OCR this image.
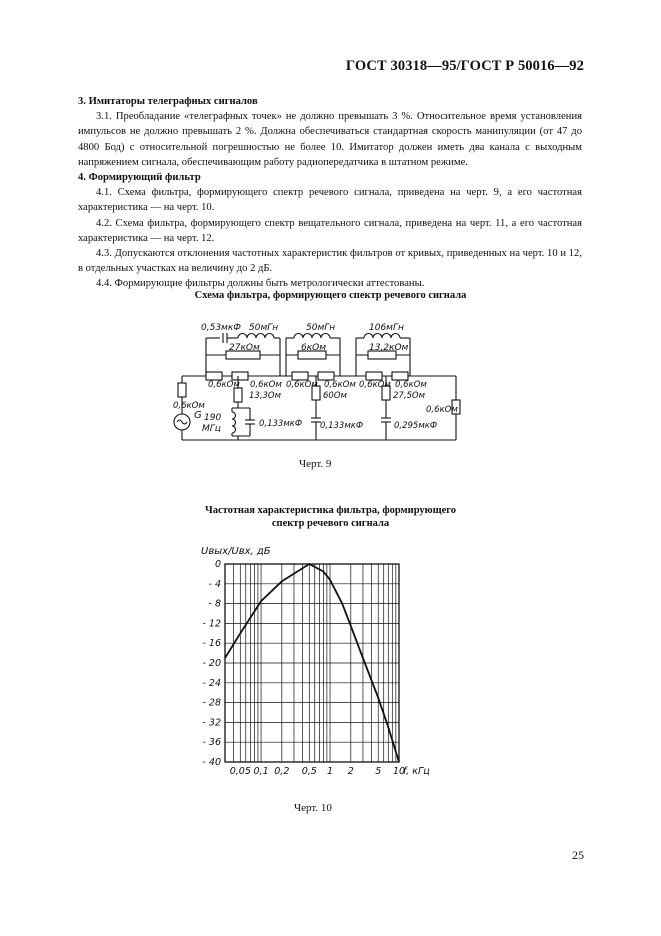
ГОСТ 30318—95/ГОСТ Р 50016—92

3. Имитаторы телеграфных сигналов

3.1. Преобладание «телеграфных точек» не должно превышать 3 %. Относительное время установления импульсов не должно превышать 2 %. Должна обеспечиваться стандартная скорость манипуляции (от 47 до 4800 Бод) с относительной погрешностью не более 10. Имитатор должен иметь два канала с выходным напряжением сигнала, обеспечивающим работу радиопередатчика в штатном режиме.

4. Формирующий фильтр

4.1. Схема фильтра, формирующего спектр речевого сигнала, приведена на черт. 9, а его частотная характеристика — на черт. 10.

4.2. Схема фильтра, формирующего спектр вещательного сигнала, приведена на черт. 11, а его частотная характеристика — на черт. 12.

4.3. Допускаются отклонения частотных характеристик фильтров от кривых, приведенных на черт. 10 и 12, в отдельных участках на величину до 2 дБ.

4.4. Формирующие фильтры должны быть метрологически аттестованы.

Схема фильтра, формирующего спектр речевого сигнала
0,53мкФ 50мГн	50мГн	106мГн
27кОм	6кОм	13,2кОм
0,6кОм
0,6кОм 0,6кОм 0,6кОм 0,6кОм 0,6кОм 0,6кОм
13,3Ом	60Ом	27,5Ом
0,6кОм
G 190
МГц	0,133мкФ 0,133мкФ	0,295мкФ
Черт. 9
Частотная характеристика фильтра, формирующего
спектр речевого сигнала
0
- 4
- 8
- 12
- 16
- 20
- 24
- 28
- 32
- 36
- 40
0,05 0,1 0,2 0,5 1 2 5 10
f, кГц
Uвых/Uвх, дБ
Черт. 10
25
